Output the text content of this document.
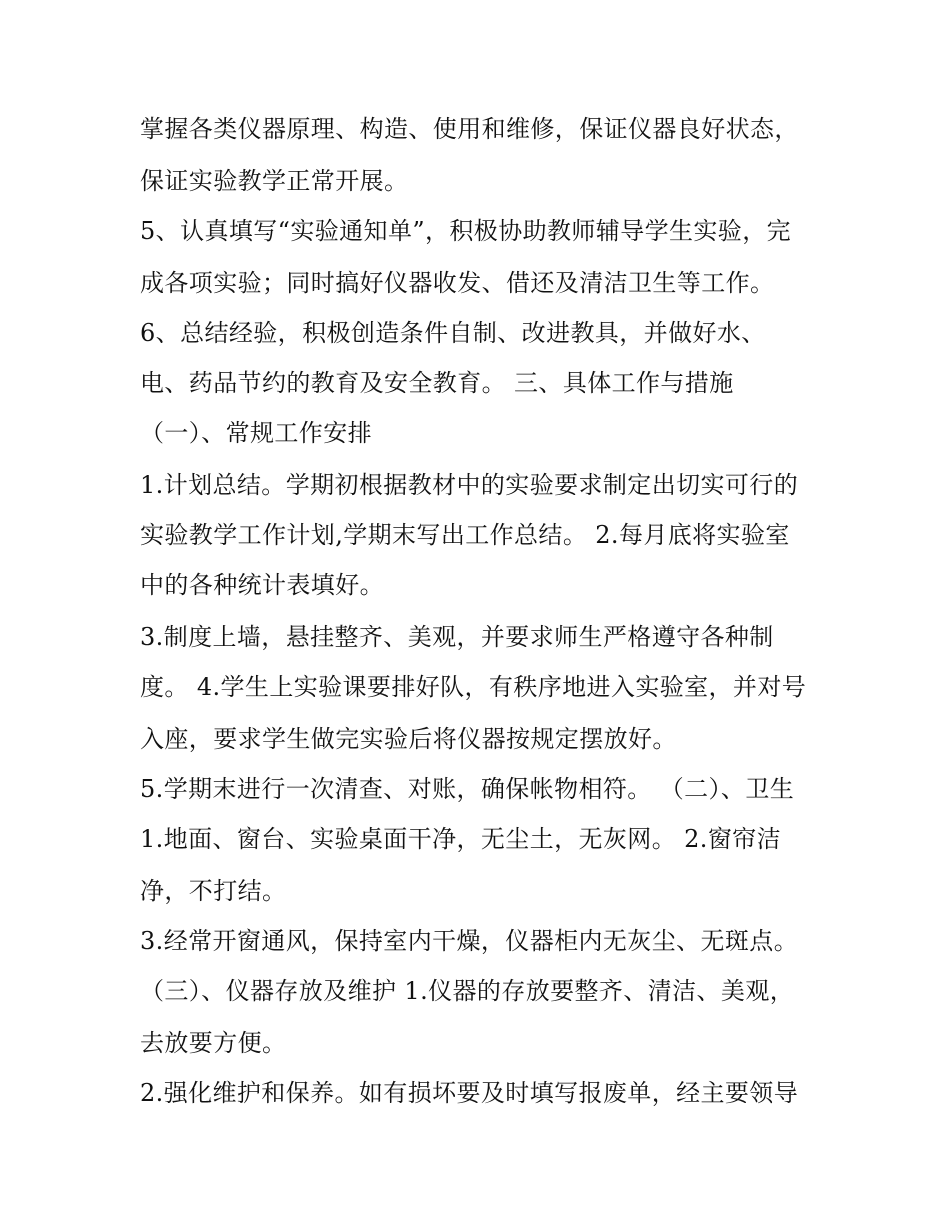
掌握各类仪器原理、构造、使用和维修，保证仪器良好状态，
保证实验教学正常开展。
5、认真填写“实验通知单”，积极协助教师辅导学生实验，完
成各项实验；同时搞好仪器收发、借还及清洁卫生等工作。
6、总结经验，积极创造条件自制、改进教具，并做好水、
电、药品节约的教育及安全教育。 三、具体工作与措施
（一）、常规工作安排
1.计划总结。学期初根据教材中的实验要求制定出切实可行的
实验教学工作计划,学期末写出工作总结。 2.每月底将实验室
中的各种统计表填好。
3.制度上墙，悬挂整齐、美观，并要求师生严格遵守各种制
度。 4.学生上实验课要排好队，有秩序地进入实验室，并对号
入座，要求学生做完实验后将仪器按规定摆放好。
5.学期末进行一次清查、对账，确保帐物相符。 （二）、卫生
1.地面、窗台、实验桌面干净，无尘土，无灰网。 2.窗帘洁
净，不打结。
3.经常开窗通风，保持室内干燥，仪器柜内无灰尘、无斑点。
（三）、仪器存放及维护 1.仪器的存放要整齐、清洁、美观，
去放要方便。
2.强化维护和保养。如有损坏要及时填写报废单，经主要领导
